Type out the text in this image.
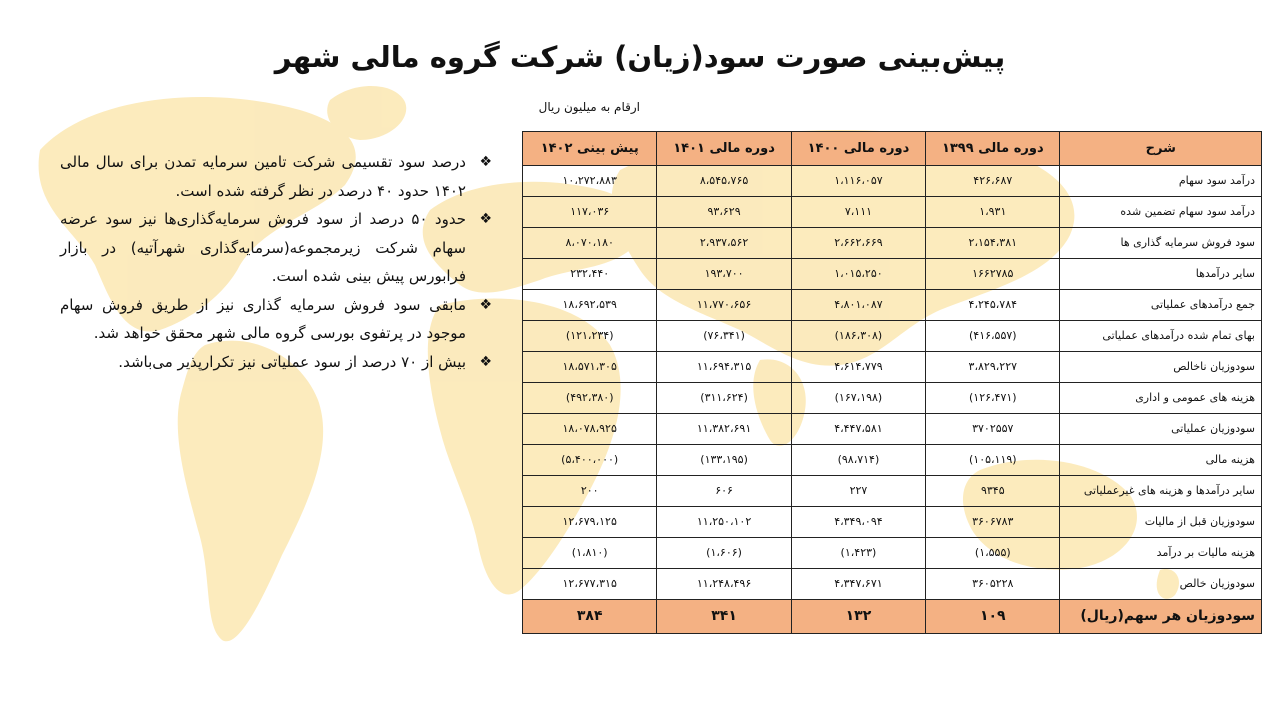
پیش‌بینی صورت سود(زیان) شرکت گروه مالی شهر
ارقام به میلیون ریال
شرح	دوره مالی ۱۳۹۹	دوره مالی ۱۴۰۰	دوره مالی ۱۴۰۱	پیش بینی ۱۴۰۲
درآمد سود سهام	۴۲۶،۶۸۷	۱،۱۱۶،۰۵۷	۸،۵۴۵،۷۶۵	۱۰،۲۷۲،۸۸۳
درآمد سود سهام تضمین شده	۱،۹۳۱	۷،۱۱۱	۹۳،۶۲۹	۱۱۷،۰۳۶
سود فروش سرمایه گذاری ها	۲،۱۵۴،۳۸۱	۲،۶۶۲،۶۶۹	۲،۹۳۷،۵۶۲	۸،۰۷۰،۱۸۰
سایر درآمدها	۱۶۶۲۷۸۵	۱،۰۱۵،۲۵۰	۱۹۳،۷۰۰	۲۳۲،۴۴۰
جمع درآمدهای عملیاتی	۴،۲۴۵،۷۸۴	۴،۸۰۱،۰۸۷	۱۱،۷۷۰،۶۵۶	۱۸،۶۹۲،۵۳۹
بهای تمام شده درآمدهای عملیاتی	(۴۱۶،۵۵۷)	(۱۸۶،۳۰۸)	(۷۶،۳۴۱)	(۱۲۱،۲۳۴)
سودوزیان ناخالص	۳،۸۲۹،۲۲۷	۴،۶۱۴،۷۷۹	۱۱،۶۹۴،۳۱۵	۱۸،۵۷۱،۳۰۵
هزینه های عمومی و اداری	(۱۲۶،۴۷۱)	(۱۶۷،۱۹۸)	(۳۱۱،۶۲۴)	(۴۹۲،۳۸۰)
سودوزیان عملیاتی	۳۷۰۲۵۵۷	۴،۴۴۷،۵۸۱	۱۱،۳۸۲،۶۹۱	۱۸،۰۷۸،۹۲۵
هزینه مالی	(۱۰۵،۱۱۹)	(۹۸،۷۱۴)	(۱۳۳،۱۹۵)	(۵،۴۰۰،۰۰۰)
سایر درآمدها و هزینه های غیرعملیاتی	۹۳۴۵	۲۲۷	۶۰۶	۲۰۰
سودوزیان قبل از مالیات	۳۶۰۶۷۸۳	۴،۳۴۹،۰۹۴	۱۱،۲۵۰،۱۰۲	۱۲،۶۷۹،۱۲۵
هزینه مالیات بر درآمد	(۱،۵۵۵)	(۱،۴۲۳)	(۱،۶۰۶)	(۱،۸۱۰)
سودوزیان خالص	۳۶۰۵۲۲۸	۴،۳۴۷،۶۷۱	۱۱،۲۴۸،۴۹۶	۱۲،۶۷۷،۳۱۵
سودوزیان هر سهم(ریال)	۱۰۹	۱۳۲	۳۴۱	۳۸۴

❖
درصد سود تقسیمی شرکت تامین سرمایه تمدن برای سال مالی ۱۴۰۲ حدود ۴۰ درصد در نظر گرفته شده است.

❖
حدود ۵۰ درصد از سود فروش سرمایه‌گذاری‌ها نیز سود عرضه سهام شرکت زیرمجموعه(سرمایه‌گذاری شهرآتیه) در بازار فرابورس پیش بینی شده است.

❖
مابقی سود فروش سرمایه گذاری نیز از طریق فروش سهام موجود در پرتفوی بورسی گروه مالی شهر محقق خواهد شد.

❖
بیش از ۷۰ درصد از سود عملیاتی نیز تکرارپذیر می‌باشد.
